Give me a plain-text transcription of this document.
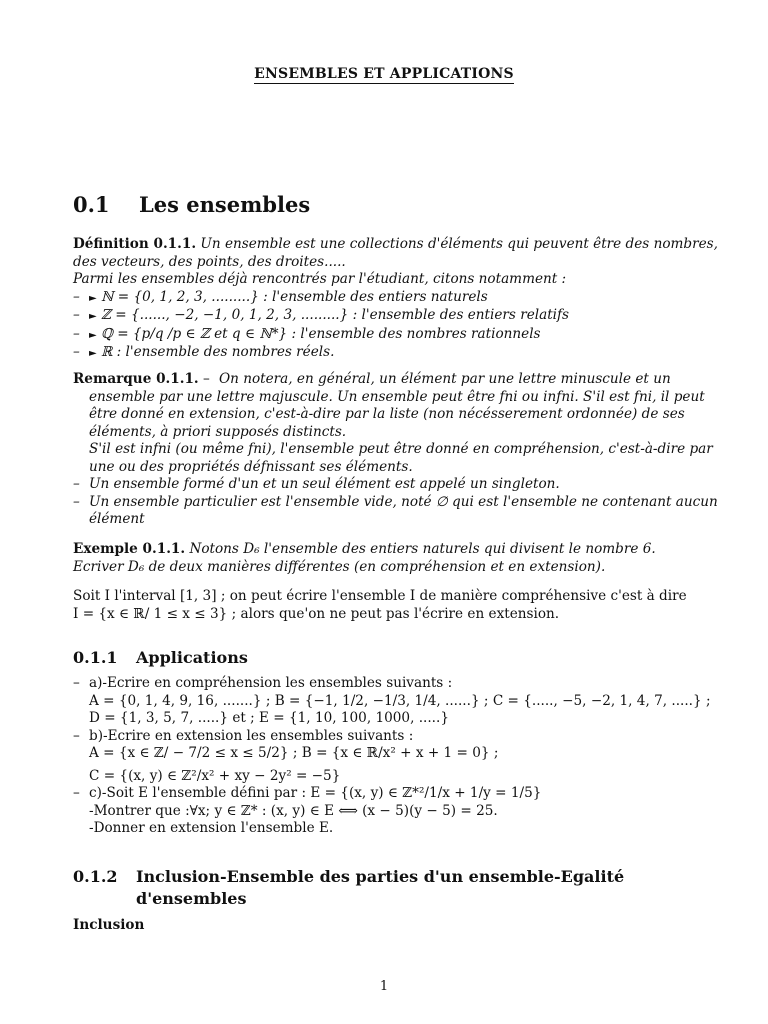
ENSEMBLES ET APPLICATIONS
0.1 Les ensembles
Définition 0.1.1. Un ensemble est une collections d'éléments qui peuvent être des nombres,
des vecteurs, des points, des droites.....
Parmi les ensembles déjà rencontrés par l'étudiant, citons notamment :
– ► ℕ = {0, 1, 2, 3, .........} : l'ensemble des entiers naturels
– ► ℤ = {......, −2, −1, 0, 1, 2, 3, .........} : l'ensemble des entiers relatifs
– ► ℚ = {p/q /p ∈ ℤ et q ∈ ℕ*} : l'ensemble des nombres rationnels
– ► ℝ : l'ensemble des nombres réels.
Remarque 0.1.1. – On notera, en général, un élément par une lettre minuscule et un
ensemble par une lettre majuscule. Un ensemble peut être fni ou infni. S'il est fni, il peut
être donné en extension, c'est-à-dire par la liste (non nécésserement ordonnée) de ses
éléments, à priori supposés distincts.
S'il est infni (ou même fni), l'ensemble peut être donné en compréhension, c'est-à-dire par
une ou des propriétés défnissant ses éléments.
– Un ensemble formé d'un et un seul élément est appelé un singleton.
– Un ensemble particulier est l'ensemble vide, noté ∅ qui est l'ensemble ne contenant aucun
élément
Exemple 0.1.1. Notons D₆ l'ensemble des entiers naturels qui divisent le nombre 6.
Ecriver D₆ de deux manières différentes (en compréhension et en extension).
Soit I l'interval [1, 3] ; on peut écrire l'ensemble I de manière compréhensive c'est à dire
I = {x ∈ ℝ/ 1 ≤ x ≤ 3} ; alors que'on ne peut pas l'écrire en extension.
0.1.1 Applications
– a)-Ecrire en compréhension les ensembles suivants :
A = {0, 1, 4, 9, 16, .......} ; B = {−1, 1/2, −1/3, 1/4, ......} ; C = {....., −5, −2, 1, 4, 7, .....} ;
D = {1, 3, 5, 7, .....} et ; E = {1, 10, 100, 1000, .....}
– b)-Ecrire en extension les ensembles suivants :
A = {x ∈ ℤ/ − 7/2 ≤ x ≤ 5/2} ; B = {x ∈ ℝ/x² + x + 1 = 0} ;
C = {(x, y) ∈ ℤ²/x² + xy − 2y² = −5}
– c)-Soit E l'ensemble défini par : E = {(x, y) ∈ ℤ*²/1/x + 1/y = 1/5}
-Montrer que :∀x; y ∈ ℤ* : (x, y) ∈ E ⟺ (x − 5)(y − 5) = 25.
-Donner en extension l'ensemble E.
0.1.2 Inclusion-Ensemble des parties d'un ensemble-Egalité d'ensembles
Inclusion
1
